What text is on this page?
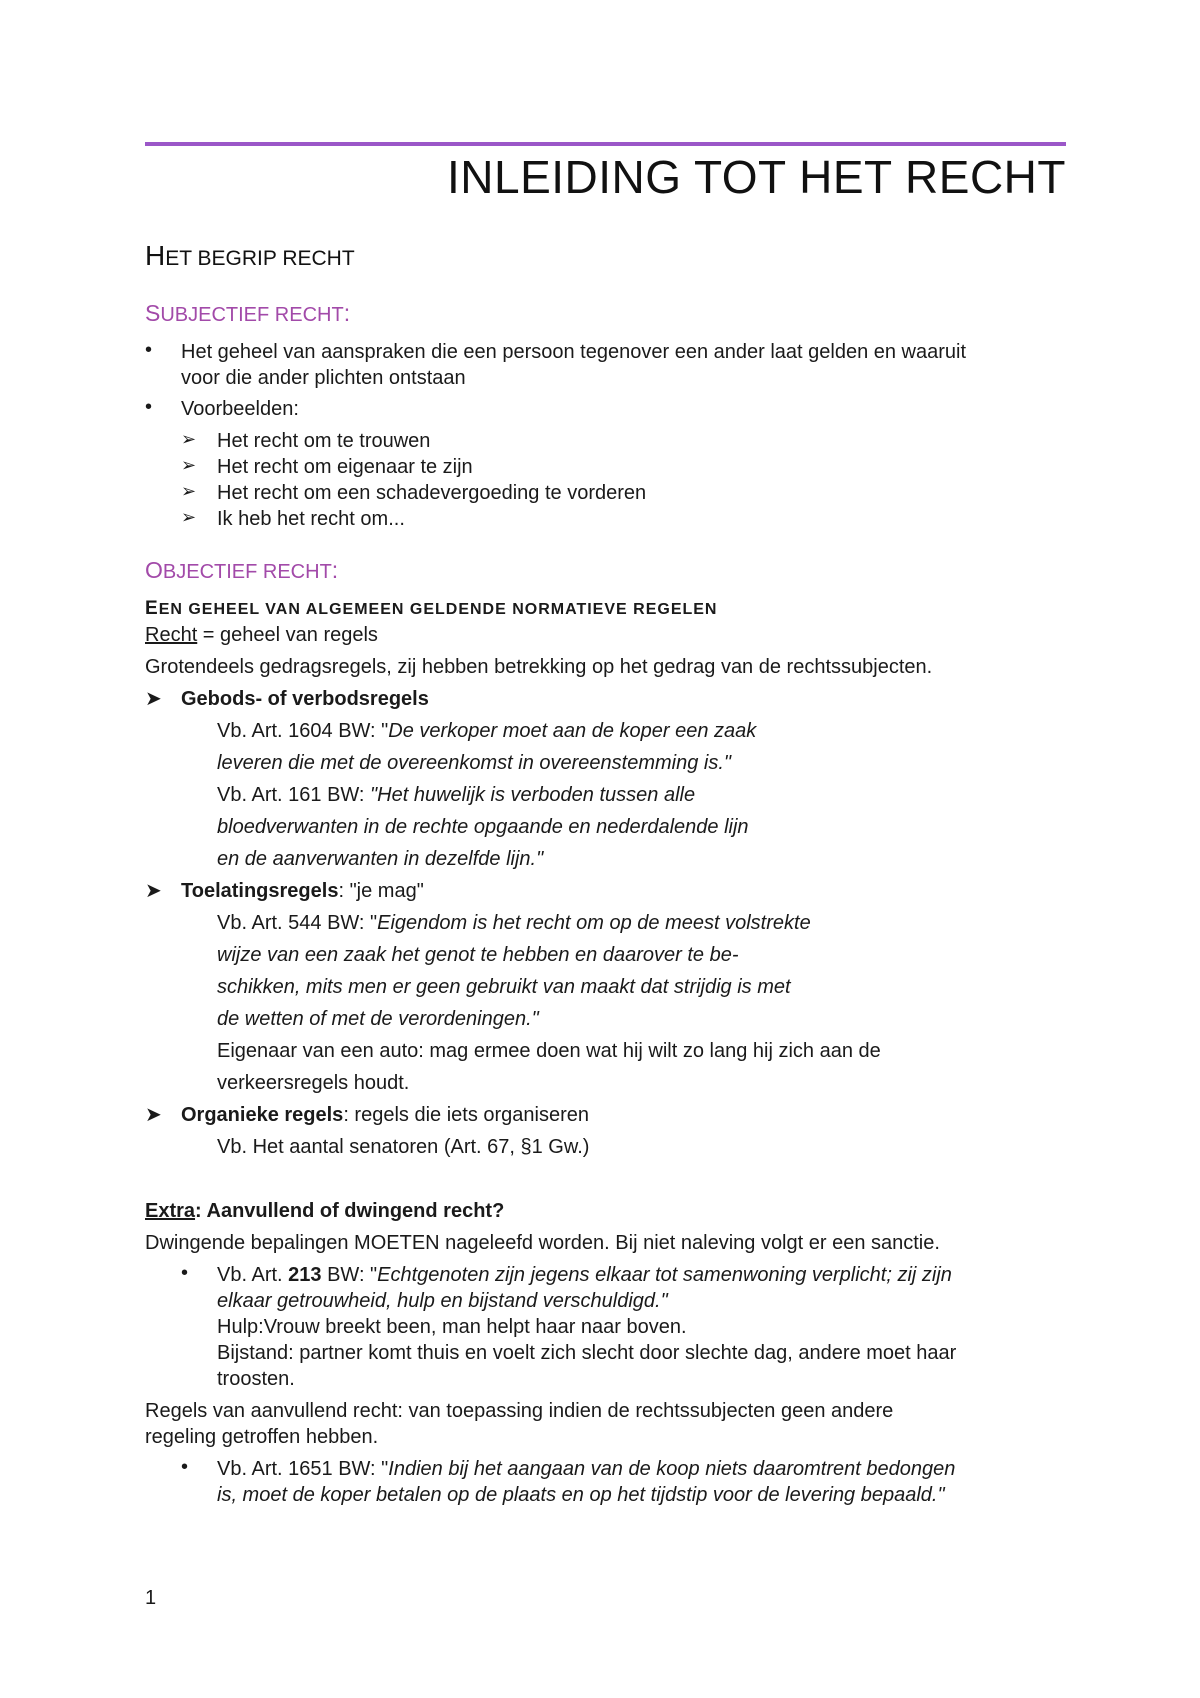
INLEIDING TOT HET RECHT
HET BEGRIP RECHT
SUBJECTIEF RECHT:
• Het geheel van aanspraken die een persoon tegenover een ander laat gelden en waaruit
voor die ander plichten ontstaan
• Voorbeelden:
➢ Het recht om te trouwen
➢ Het recht om eigenaar te zijn
➢ Het recht om een schadevergoeding te vorderen
➢ Ik heb het recht om...
OBJECTIEF RECHT:
EEN GEHEEL VAN ALGEMEEN GELDENDE NORMATIEVE REGELEN
Recht = geheel van regels
Grotendeels gedragsregels, zij hebben betrekking op het gedrag van de rechtssubjecten.
➤ Gebods- of verbodsregels
Vb. Art. 1604 BW: "De verkoper moet aan de koper een zaak
leveren die met de overeenkomst in overeenstemming is."
Vb. Art. 161 BW: "Het huwelijk is verboden tussen alle
bloedverwanten in de rechte opgaande en nederdalende lijn
en de aanverwanten in dezelfde lijn."
➤ Toelatingsregels: "je mag"
Vb. Art. 544 BW: "Eigendom is het recht om op de meest volstrekte
wijze van een zaak het genot te hebben en daarover te be-
schikken, mits men er geen gebruikt van maakt dat strijdig is met
de wetten of met de verordeningen."
Eigenaar van een auto: mag ermee doen wat hij wilt zo lang hij zich aan de
verkeersregels houdt.
➤ Organieke regels: regels die iets organiseren
Vb. Het aantal senatoren (Art. 67, §1 Gw.)
Extra: Aanvullend of dwingend recht?
Dwingende bepalingen MOETEN nageleefd worden. Bij niet naleving volgt er een sanctie.
• Vb. Art. 213 BW: "Echtgenoten zijn jegens elkaar tot samenwoning verplicht; zij zijn
elkaar getrouwheid, hulp en bijstand verschuldigd."
Hulp:Vrouw breekt been, man helpt haar naar boven.
Bijstand: partner komt thuis en voelt zich slecht door slechte dag, andere moet haar
troosten.
Regels van aanvullend recht: van toepassing indien de rechtssubjecten geen andere
regeling getroffen hebben.
• Vb. Art. 1651 BW: "Indien bij het aangaan van de koop niets daaromtrent bedongen
is, moet de koper betalen op de plaats en op het tijdstip voor de levering bepaald."
1
